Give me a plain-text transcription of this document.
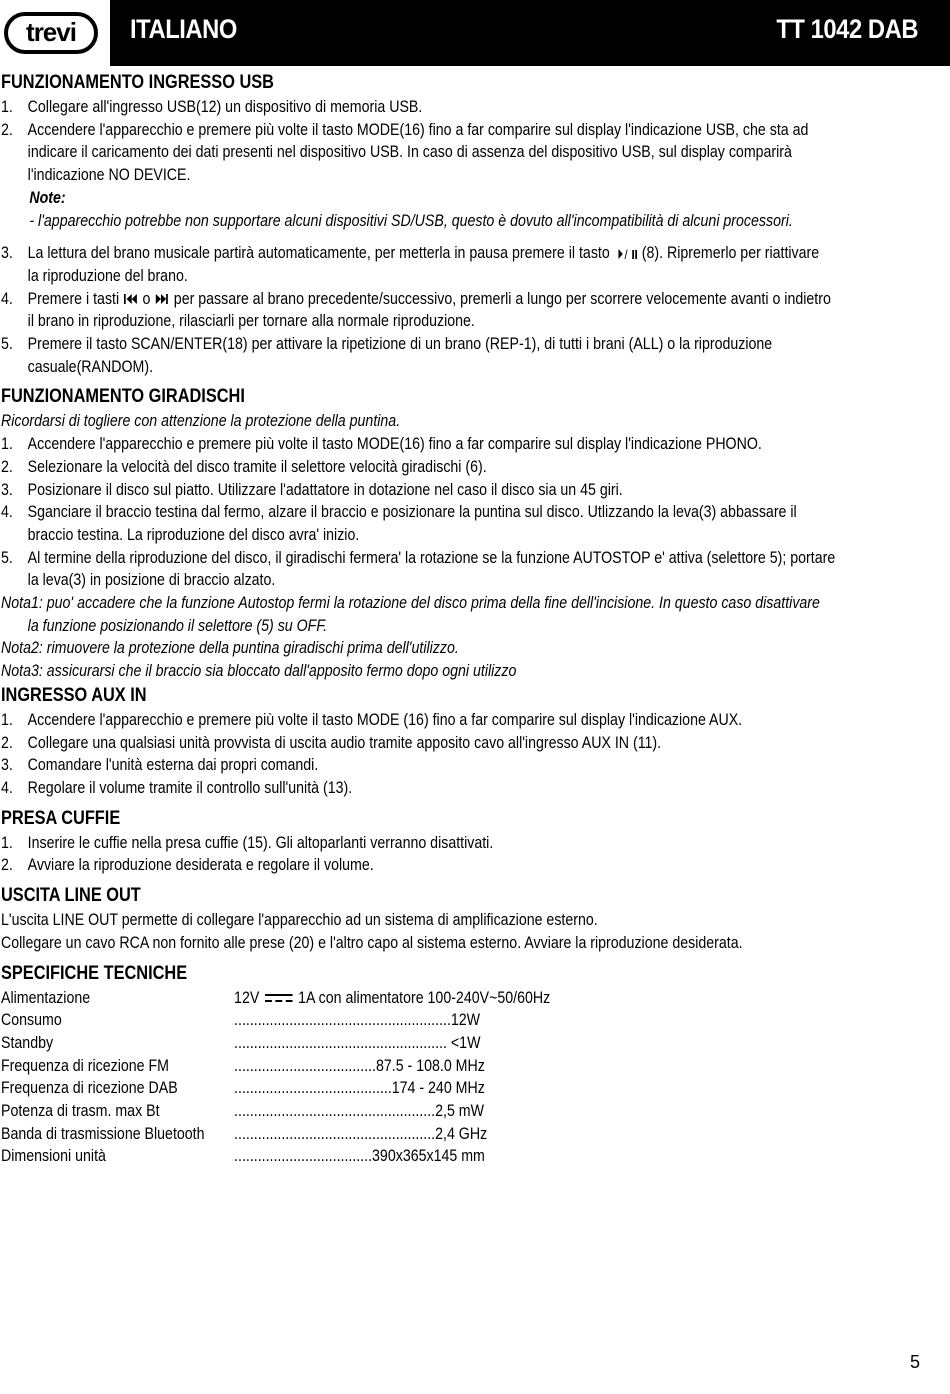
trevi	ITALIANO	TT 1042 DAB
FUNZIONAMENTO INGRESSO USB
1. Collegare all'ingresso USB(12) un dispositivo di memoria USB.
2. Accendere l'apparecchio e premere più volte il tasto MODE(16) fino a far comparire sul display l'indicazione USB, che sta ad
indicare il caricamento dei dati presenti nel dispositivo USB. In caso di assenza del dispositivo USB, sul display comparirà
l'indicazione NO DEVICE.
Note:
- l'apparecchio potrebbe non supportare alcuni dispositivi SD/USB, questo è dovuto all'incompatibilità di alcuni processori.
3. La lettura del brano musicale partirà automaticamente, per metterla in pausa premere il tasto / (8). Ripremerlo per riattivare
la riproduzione del brano.
4. Premere i tasti o per passare al brano precedente/successivo, premerli a lungo per scorrere velocemente avanti o indietro
il brano in riproduzione, rilasciarli per tornare alla normale riproduzione.
5. Premere il tasto SCAN/ENTER(18) per attivare la ripetizione di un brano (REP-1), di tutti i brani (ALL) o la riproduzione
casuale(RANDOM).
FUNZIONAMENTO GIRADISCHI
Ricordarsi di togliere con attenzione la protezione della puntina.
1. Accendere l'apparecchio e premere più volte il tasto MODE(16) fino a far comparire sul display l'indicazione PHONO.
2. Selezionare la velocità del disco tramite il selettore velocità giradischi (6).
3. Posizionare il disco sul piatto. Utilizzare l'adattatore in dotazione nel caso il disco sia un 45 giri.
4. Sganciare il braccio testina dal fermo, alzare il braccio e posizionare la puntina sul disco. Utlizzando la leva(3) abbassare il
braccio testina. La riproduzione del disco avra' inizio.
5. Al termine della riproduzione del disco, il giradischi fermera' la rotazione se la funzione AUTOSTOP e' attiva (selettore 5); portare
la leva(3) in posizione di braccio alzato.
Nota1: puo' accadere che la funzione Autostop fermi la rotazione del disco prima della fine dell'incisione. In questo caso disattivare
la funzione posizionando il selettore (5) su OFF.
Nota2: rimuovere la protezione della puntina giradischi prima dell'utilizzo.
Nota3: assicurarsi che il braccio sia bloccato dall'apposito fermo dopo ogni utilizzo
INGRESSO AUX IN
1. Accendere l'apparecchio e premere più volte il tasto MODE (16) fino a far comparire sul display l'indicazione AUX.
2. Collegare una qualsiasi unità provvista di uscita audio tramite apposito cavo all'ingresso AUX IN (11).
3. Comandare l'unità esterna dai propri comandi.
4. Regolare il volume tramite il controllo sull'unità (13).
PRESA CUFFIE
1. Inserire le cuffie nella presa cuffie (15). Gli altoparlanti verranno disattivati.
2. Avviare la riproduzione desiderata e regolare il volume.
USCITA LINE OUT
L'uscita LINE OUT permette di collegare l'apparecchio ad un sistema di amplificazione esterno.
Collegare un cavo RCA non fornito alle prese (20) e l'altro capo al sistema esterno. Avviare la riproduzione desiderata.
SPECIFICHE TECNICHE
Alimentazione	12V 1A con alimentatore 100-240V~50/60Hz
Consumo	.......................................................12W
Standby	...................................................... <1W
Frequenza di ricezione FM	....................................87.5 - 108.0 MHz
Frequenza di ricezione DAB	........................................174 - 240 MHz
Potenza di trasm. max Bt	...................................................2,5 mW
Banda di trasmissione Bluetooth ...................................................2,4 GHz
Dimensioni unità	...................................390x365x145 mm
5
